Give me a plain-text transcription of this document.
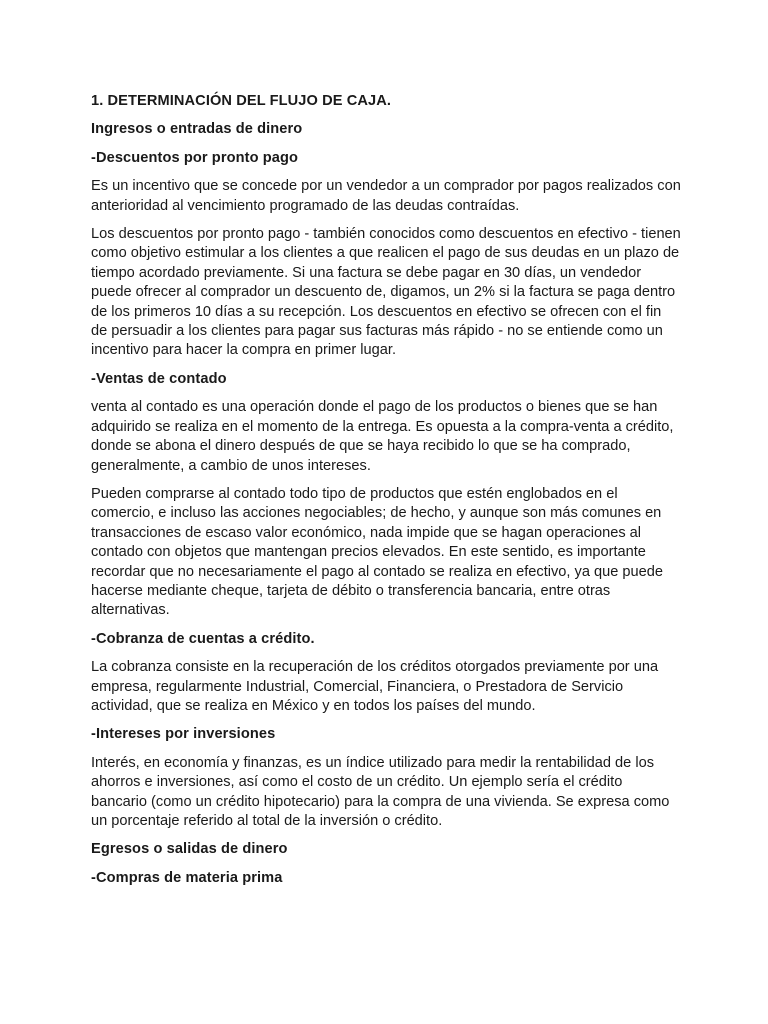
1. DETERMINACIÓN DEL FLUJO DE CAJA.
Ingresos o entradas de dinero
-Descuentos por pronto pago
Es un incentivo que se concede por un vendedor a un comprador por pagos realizados con anterioridad al vencimiento programado de las deudas contraídas.
Los descuentos por pronto pago - también conocidos como descuentos en efectivo - tienen como objetivo estimular a los clientes a que realicen el pago de sus deudas en un plazo de tiempo acordado previamente. Si una factura se debe pagar en 30 días, un vendedor puede ofrecer al comprador un descuento de, digamos, un 2% si la factura se paga dentro de los primeros 10 días a su recepción. Los descuentos en efectivo se ofrecen con el fin de persuadir a los clientes para pagar sus facturas más rápido - no se entiende como un incentivo para hacer la compra en primer lugar.
-Ventas de contado
venta al contado es una operación donde el pago de los productos o bienes que se han adquirido se realiza en el momento de la entrega. Es opuesta a la compra-venta a crédito, donde se abona el dinero después de que se haya recibido lo que se ha comprado, generalmente, a cambio de unos intereses.
Pueden comprarse al contado todo tipo de productos que estén englobados en el comercio, e incluso las acciones negociables; de hecho, y aunque son más comunes en transacciones de escaso valor económico, nada impide que se hagan operaciones al contado con objetos que mantengan precios elevados. En este sentido, es importante recordar que no necesariamente el pago al contado se realiza en efectivo, ya que puede hacerse mediante cheque, tarjeta de débito o transferencia bancaria, entre otras alternativas.
-Cobranza de cuentas a crédito.
La cobranza consiste en la recuperación de los créditos otorgados previamente por una empresa, regularmente Industrial, Comercial, Financiera, o Prestadora de Servicio actividad, que se realiza en México y en todos los países del mundo.
-Intereses por inversiones
Interés, en economía y finanzas, es un índice utilizado para medir la rentabilidad de los ahorros e inversiones, así como el costo de un crédito. Un ejemplo sería el crédito bancario (como un crédito hipotecario) para la compra de una vivienda. Se expresa como un porcentaje referido al total de la inversión o crédito.
Egresos o salidas de dinero
-Compras de materia prima
